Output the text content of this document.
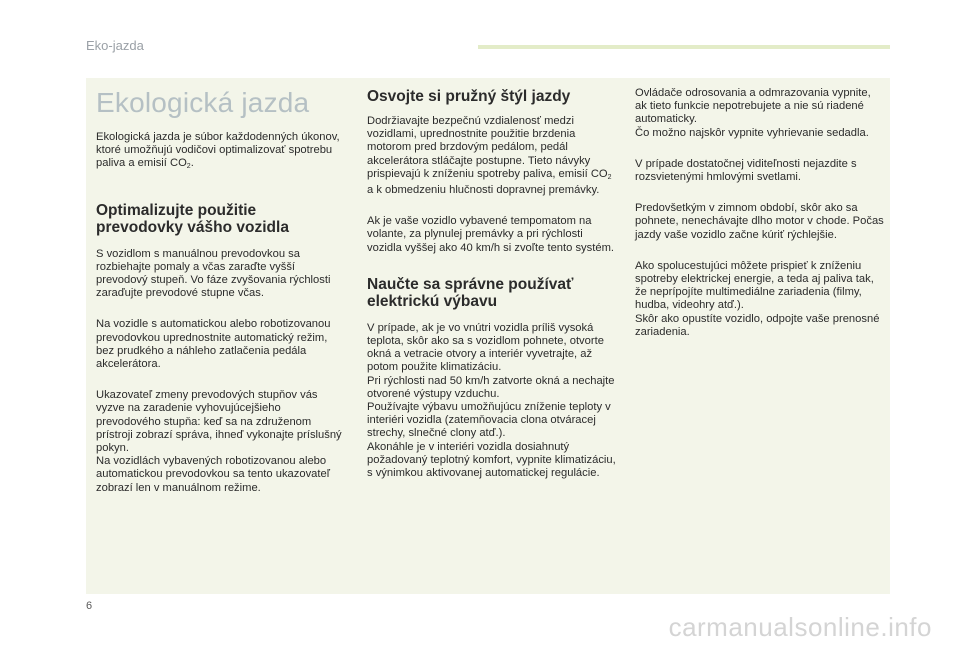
Eko-jazda
Ekologická jazda

Ekologická jazda je súbor každodenných úkonov, ktoré umožňujú vodičovi optimalizovať spotrebu paliva a emisií $CO_2$.

Optimalizujte použitie
prevodovky vášho vozidla

S vozidlom s manuálnou prevodovkou sa rozbiehajte pomaly a včas zaraďte vyšší prevodový stupeň. Vo fáze zvyšovania rýchlosti zaraďujte prevodové stupne včas.

Na vozidle s automatickou alebo robotizovanou prevodovkou uprednostnite automatický režim, bez prudkého a náhleho zatlačenia pedála akcelerátora.

Ukazovateľ zmeny prevodových stupňov vás vyzve na zaradenie vyhovujúcejšieho prevodového stupňa: keď sa na združenom prístroji zobrazí správa, ihneď vykonajte príslušný pokyn.

Na vozidlách vybavených robotizovanou alebo automatickou prevodovkou sa tento ukazovateľ zobrazí len v manuálnom režime.

Osvojte si pružný štýl jazdy

Dodržiavajte bezpečnú vzdialenosť medzi vozidlami, uprednostnite použitie brzdenia motorom pred brzdovým pedálom, pedál akcelerátora stláčajte postupne. Tieto návyky prispievajú k zníženiu spotreby paliva, emisií $CO_2$ a k obmedzeniu hlučnosti dopravnej premávky.

Ak je vaše vozidlo vybavené tempomatom na volante, za plynulej premávky a pri rýchlosti vozidla vyššej ako 40 km/h si zvoľte tento systém.

Naučte sa správne používať
elektrickú výbavu

V prípade, ak je vo vnútri vozidla príliš vysoká teplota, skôr ako sa s vozidlom pohnete, otvorte okná a vetracie otvory a interiér vyvetrajte, až potom použite klimatizáciu.

Pri rýchlosti nad 50 km/h zatvorte okná a nechajte otvorené výstupy vzduchu.

Používajte výbavu umožňujúcu zníženie teploty v interiéri vozidla (zatemňovacia clona otváracej strechy, slnečné clony atď.).

Akonáhle je v interiéri vozidla dosiahnutý požadovaný teplotný komfort, vypnite klimatizáciu, s výnimkou aktivovanej automatickej regulácie.

Ovládače odrosovania a odmrazovania vypnite, ak tieto funkcie nepotrebujete a nie sú riadené automaticky.

Čo možno najskôr vypnite vyhrievanie sedadla.

V prípade dostatočnej viditeľnosti nejazdite s rozsvietenými hmlovými svetlami.

Predovšetkým v zimnom období, skôr ako sa pohnete, nenechávajte dlho motor v chode. Počas jazdy vaše vozidlo začne kúriť rýchlejšie.

Ako spolucestujúci môžete prispieť k zníženiu spotreby elektrickej energie, a teda aj paliva tak, že neprípojíte multimediálne zariadenia (filmy, hudba, videohry atď.).

Skôr ako opustíte vozidlo, odpojte vaše prenosné zariadenia.

6
carmanualsonline.info
